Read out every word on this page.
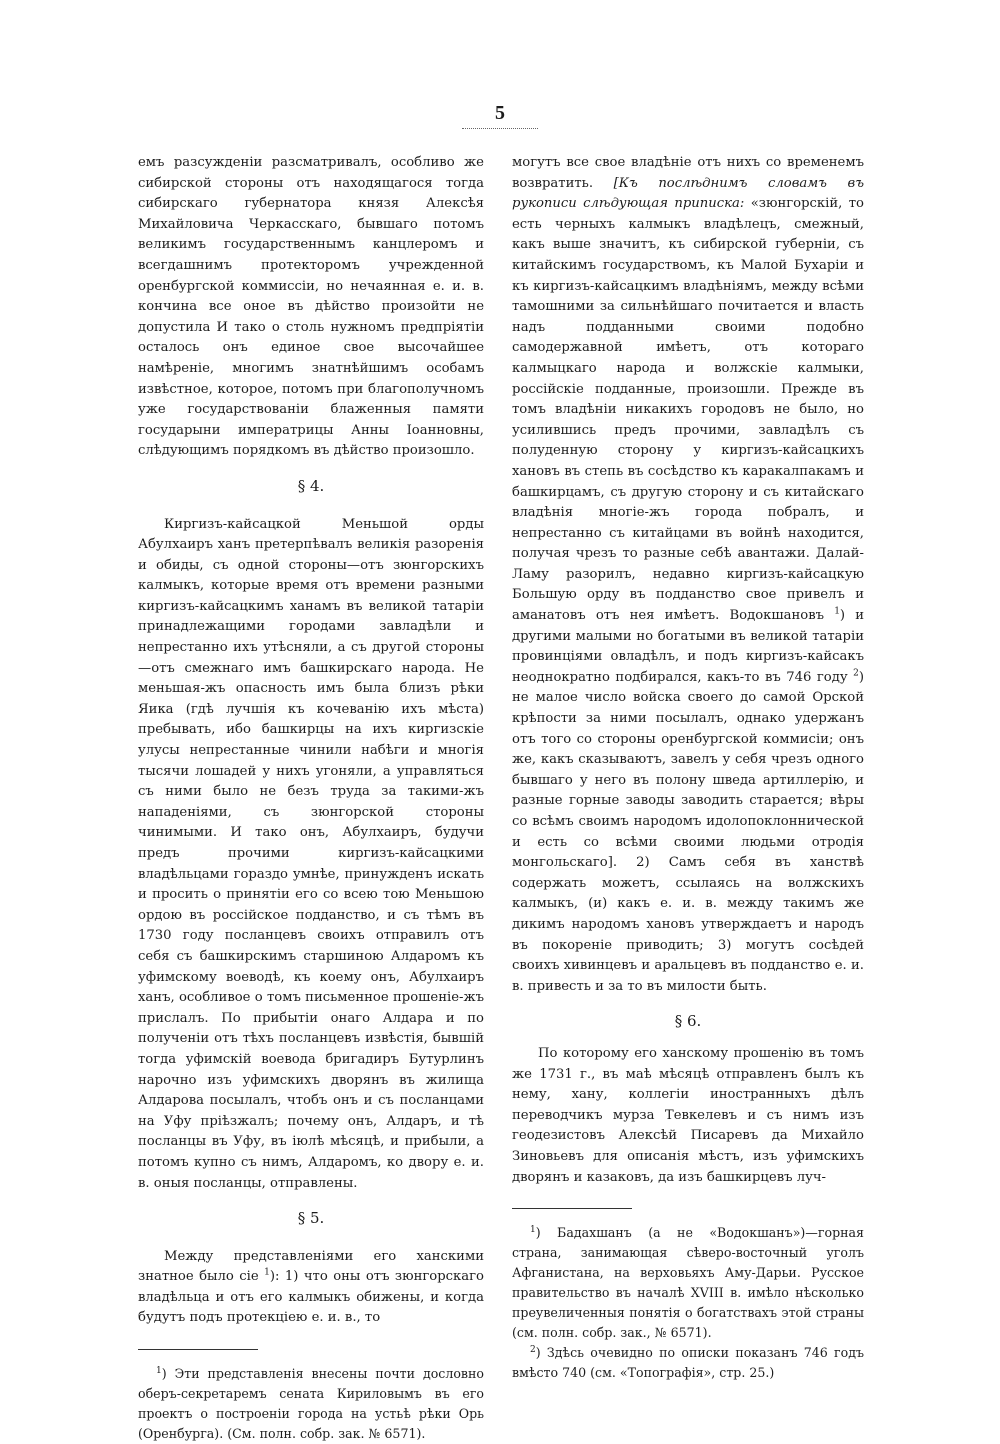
5

емъ разсужденiи разсматривалъ, особливо же сибирской стороны отъ находящагося тогда сибирскаго губернатора князя Алексѣя Михайловича Черкасскаго, бывшаго потомъ великимъ государственнымъ канцлеромъ и всегдашнимъ протекторомъ учрежденной оренбургской коммиссiи, но нечаянная е. и. в. кончина все оное въ дѣйство произойти не допустила И тако о столь нужномъ предпрiятiи осталось онъ единое свое высочайшее намѣренiе, многимъ знатнѣйшимъ особамъ извѣстное, которое, потомъ при благополучномъ уже государствованiи блаженныя памяти государыни императрицы Анны Iоанновны, слѣдующимъ порядкомъ въ дѣйство произошло.

§ 4.

Киргизъ-кайсацкой Меньшой орды Абулхаиръ ханъ претерпѣвалъ великiя разоренiя и обиды, съ одной стороны—отъ зюнгорскихъ калмыкъ, которые время отъ времени разными киргизъ-кайсацкимъ ханамъ въ великой татарiи принадлежащими городами завладѣли и непрестанно ихъ утѣсняли, а съ другой стороны —отъ смежнаго имъ башкирскаго народа. Не меньшая-жъ опасность имъ была близъ рѣки Яика (гдѣ лучшiя къ кочеванiю ихъ мѣста) пребывать, ибо башкирцы на ихъ киргизскiе улусы непрестанные чинили набѣги и многiя тысячи лошадей у нихъ угоняли, а управляться съ ними было не безъ труда за такими-жъ нападенiями, съ зюнгорской стороны чинимыми. И тако онъ, Абулхаиръ, будучи предъ прочими киргизъ-кайсацкими владѣльцами гораздо умнѣе, принужденъ искать и просить о принятiи его со всею тою Меньшою ордою въ россiйское подданство, и съ тѣмъ въ 1730 году посланцевъ своихъ отправилъ отъ себя съ башкирскимъ старшиною Алдаромъ къ уфимскому воеводѣ, къ коему онъ, Абулхаиръ ханъ, особливое о томъ письменное прошенiе-жъ прислалъ. По прибытiи онаго Алдара и по полученiи отъ тѣхъ посланцевъ извѣстiя, бывшiй тогда уфимскiй воевода бригадиръ Бутурлинъ нарочно изъ уфимскихъ дворянъ въ жилища Алдарова посылалъ, чтобъ онъ и съ посланцами на Уфу прiѣзжалъ; почему онъ, Алдаръ, и тѣ посланцы въ Уфу, въ iюлѣ мѣсяцѣ, и прибыли, а потомъ купно съ нимъ, Алдаромъ, ко двору е. и. в. оныя посланцы, отправлены.

§ 5.

Между представленiями его ханскими знатное было сiе $^1$): 1) что оны отъ зюнгорскаго владѣльца и отъ его калмыкъ обижены, и когда будутъ подъ протекцiею е. и. в., то

$^1$) Эти представленiя внесены почти дословно оберъ-секретаремъ сената Кириловымъ въ его проектъ о построенiи города на устьѣ рѣки Орь (Оренбурга). (См. полн. собр. зак. № 6571).

могутъ все свое владѣнiе отъ нихъ со временемъ возвратить. [Къ послѣднимъ словамъ въ рукописи слѣдующая приписка: «зюнгорскiй, то есть черныхъ калмыкъ владѣлецъ, смежный, какъ выше значитъ, къ сибирской губернiи, съ китайскимъ государствомъ, къ Малой Бухарiи и къ киргизъ-кайсацкимъ владѣнiямъ, между всѣми тамошними за сильнѣйшаго почитается и власть надъ подданными своими подобно самодержавной имѣетъ, отъ котораго калмыцкаго народа и волжскiе калмыки, россiйскiе подданные, произошли. Прежде въ томъ владѣнiи никакихъ городовъ не было, но усилившись предъ прочими, завладѣлъ съ полуденную сторону у киргизъ-кайсацкихъ хановъ въ степь въ сосѣдство къ каракалпакамъ и башкирцамъ, съ другую сторону и съ китайскаго владѣнiя многiе-жъ города побралъ, и непрестанно съ китайцами въ войнѣ находится, получая чрезъ то разные себѣ авантажи. Далай-Ламу разорилъ, недавно киргизъ-кайсацкую Большую орду въ подданство свое привелъ и аманатовъ отъ нея имѣетъ. Водокшановъ $^1$) и другими малыми но богатыми въ великой татарiи провинцiями овладѣлъ, и подъ киргизъ-кайсакъ неоднократно подбирался, какъ-то въ 746 году $^2$) не малое число войска своего до самой Орской крѣпости за ними посылалъ, однако удержанъ отъ того со стороны оренбургской коммисiи; онъ же, какъ сказываютъ, завелъ у себя чрезъ одного бывшаго у него въ полону шведа артиллерiю, и разные горные заводы заводить старается; вѣры со всѣмъ своимъ народомъ идолопоклоннической и есть со всѣми своими людьми отродiя монгольскаго]. 2) Самъ себя въ ханствѣ содержать можетъ, ссылаясь на волжскихъ калмыкъ, (и) какъ е. и. в. между такимъ же дикимъ народомъ хановъ утверждаетъ и народъ въ покоренiе приводить; 3) могутъ сосѣдей своихъ хивинцевъ и аральцевъ въ подданство е. и. в. привесть и за то въ милости быть.

§ 6.

По которому его ханскому прошенiю въ томъ же 1731 г., въ маѣ мѣсяцѣ отправленъ былъ къ нему, хану, коллегiи иностранныхъ дѣлъ переводчикъ мурза Тевкелевъ и съ нимъ изъ геодезистовъ Алексѣй Писаревъ да Михайло Зиновьевъ для описанiя мѣстъ, изъ уфимскихъ дворянъ и казаковъ, да изъ башкирцевъ луч-

$^1$) Бадахшанъ (а не «Водокшанъ»)—горная страна, занимающая сѣверо-восточный уголъ Афганистана, на верховьяхъ Аму-Дарьи. Русское правительство въ началѣ XVIII в. имѣло нѣсколько преувеличенныя понятiя о богатствахъ этой страны (см. полн. собр. зак., № 6571).

$^2$) Здѣсь очевидно по описки показанъ 746 годъ вмѣсто 740 (см. «Топографiя», стр. 25.)
